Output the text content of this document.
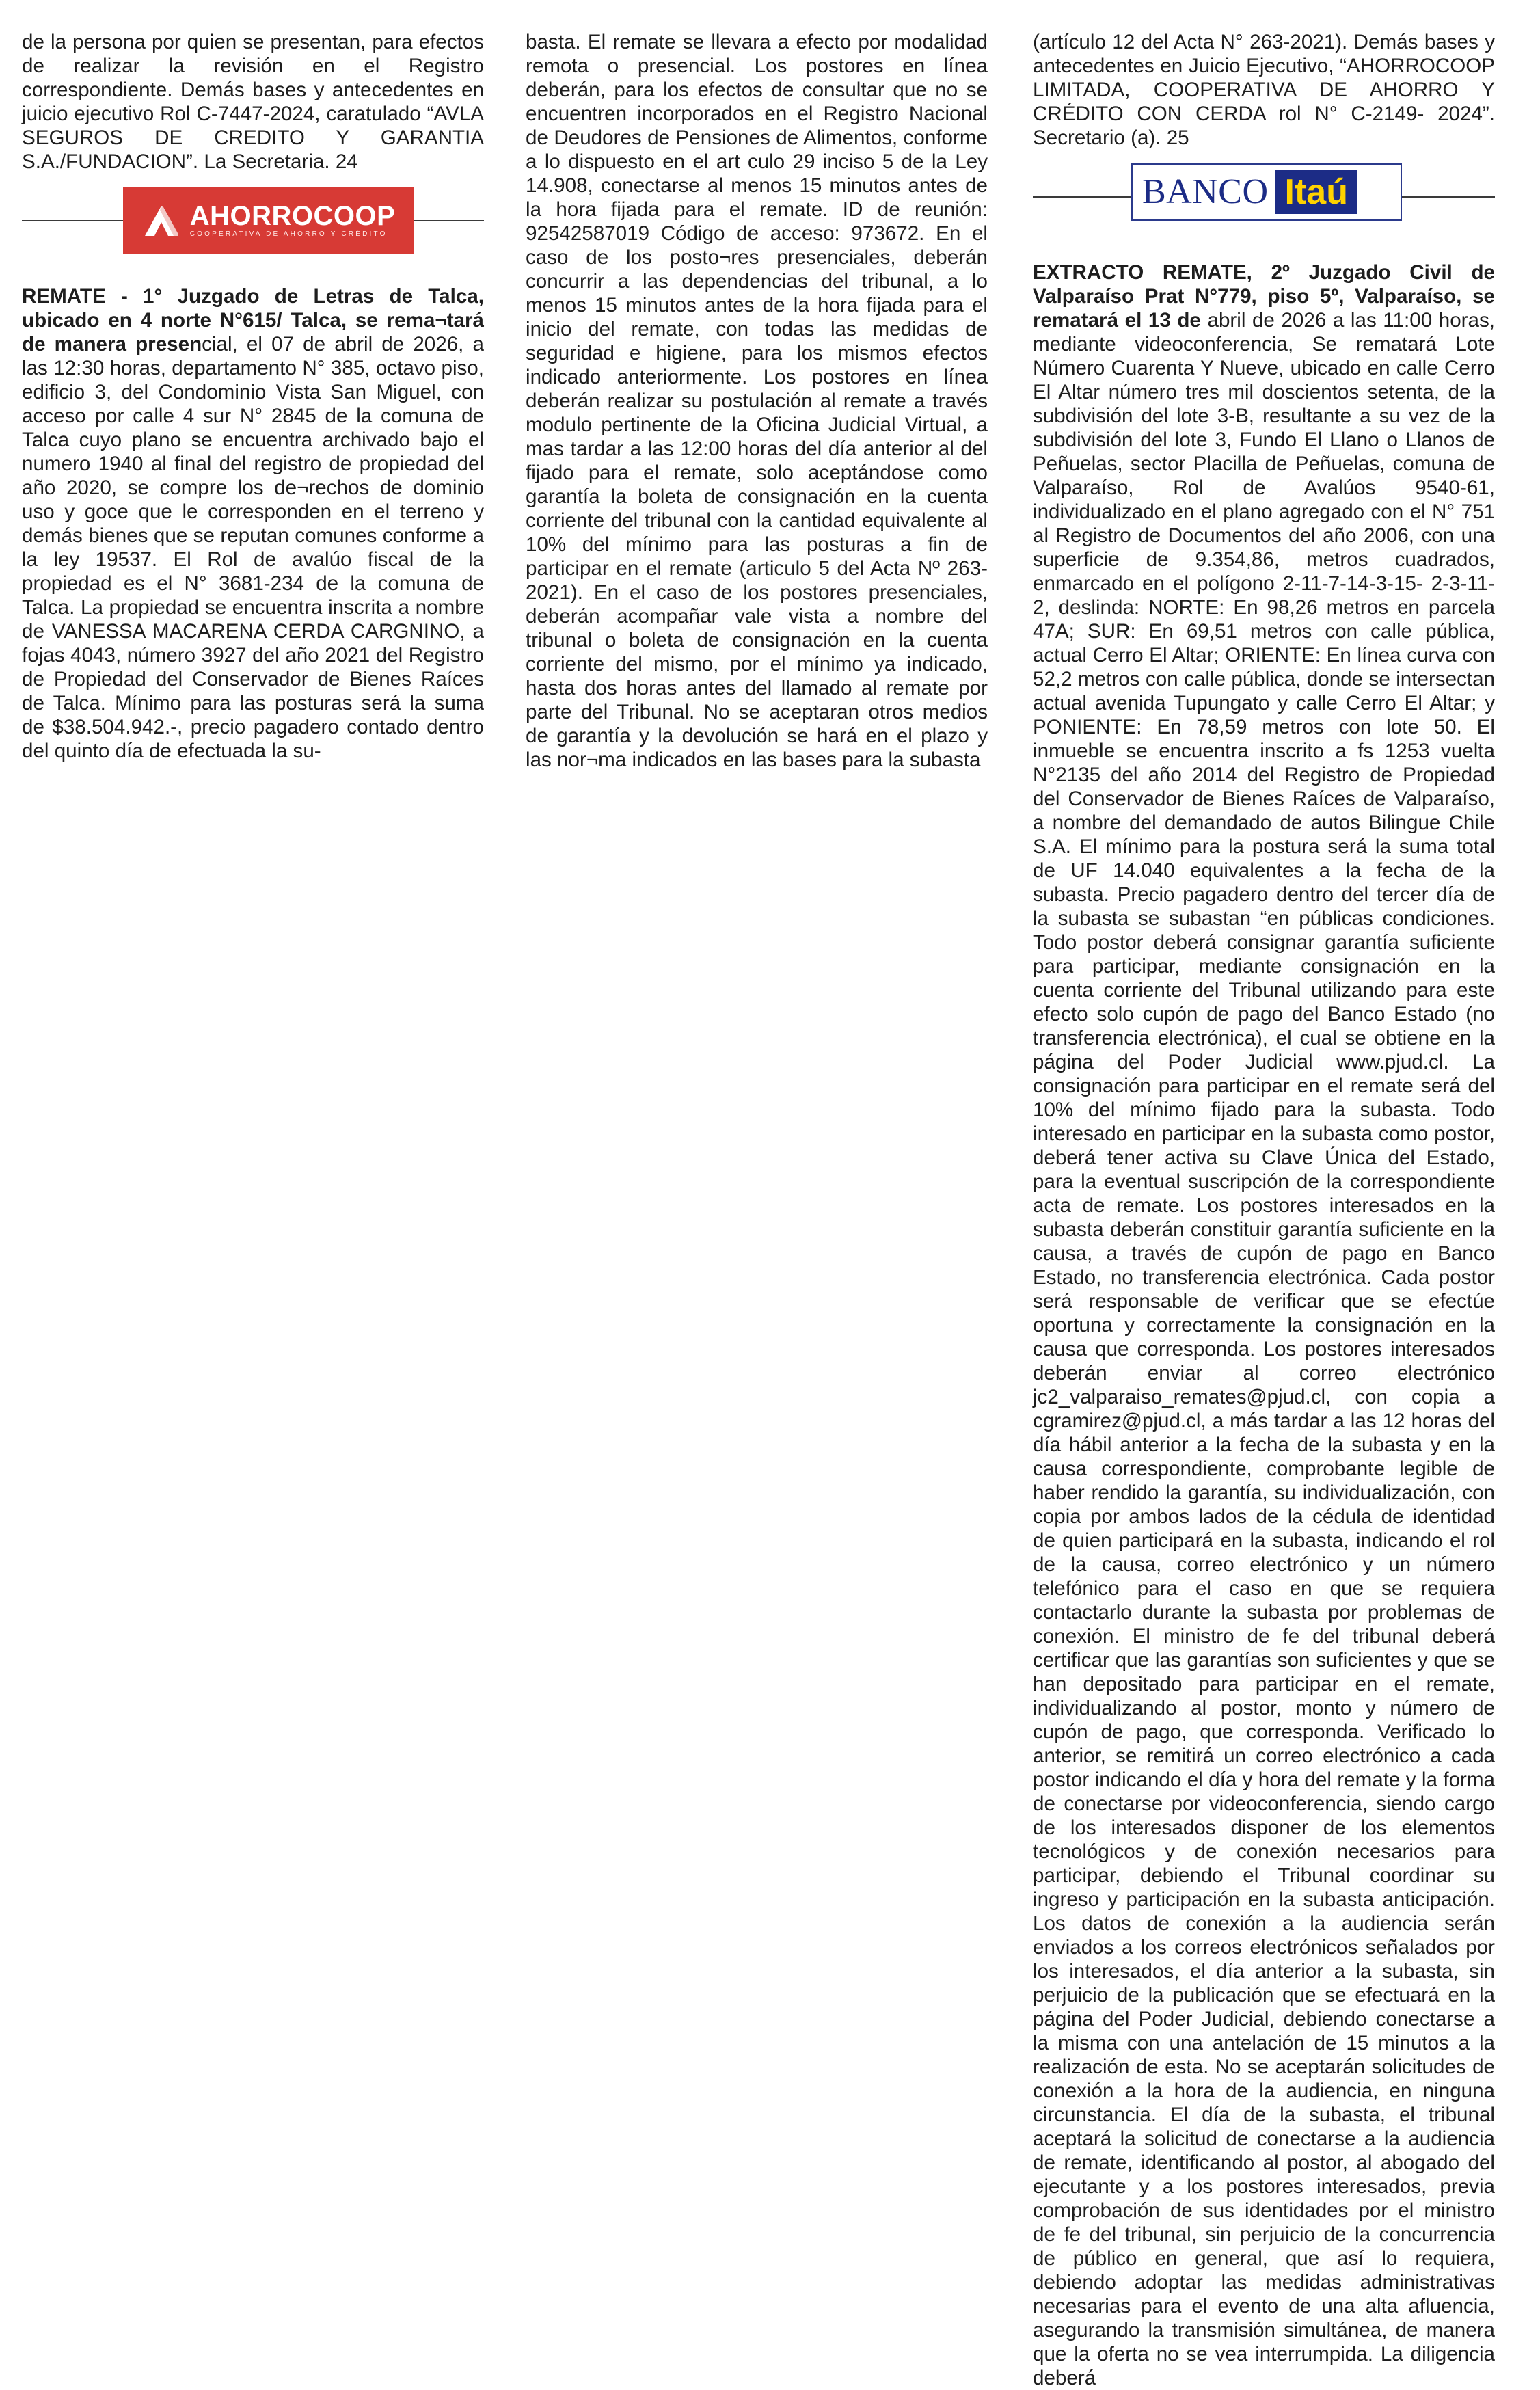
de la persona por quien se presentan, para efectos de realizar la revisión en el Registro correspondiente. Demás bases y antecedentes en juicio ejecutivo Rol C-7447-2024, caratulado “AVLA SEGUROS DE CREDITO Y GARANTIA S.A./FUNDACION”. La Secretaria. 24

AHORROCOOP
COOPERATIVA DE AHORRO Y CRÉDITO

REMATE - 1° Juzgado de Letras de Talca, ubicado en 4 norte N°615/ Talca, se rema¬tará de manera presencial, el 07 de abril de 2026, a las 12:30 horas, departamento N° 385, octavo piso, edificio 3, del Condominio Vista San Miguel, con acceso por calle 4 sur N° 2845 de la comuna de Talca cuyo plano se encuentra archivado bajo el numero 1940 al final del registro de propiedad del año 2020, se compre los de¬rechos de dominio uso y goce que le corresponden en el terreno y demás bienes que se reputan comunes conforme a la ley 19537. El Rol de avalúo fiscal de la propiedad es el N° 3681-234 de la comuna de Talca. La propiedad se encuentra inscrita a nombre de VANESSA MACARENA CERDA CARGNINO, a fojas 4043, número 3927 del año 2021 del Registro de Propiedad del Conservador de Bienes Raíces de Talca. Mínimo para las posturas será la suma de $38.504.942.-, precio pagadero contado dentro del quinto día de efectuada la su-

basta. El remate se llevara a efecto por modalidad remota o presencial. Los postores en línea deberán, para los efectos de consultar que no se encuentren incorporados en el Registro Nacional de Deudores de Pensiones de Alimentos, conforme a lo dispuesto en el art culo 29 inciso 5 de la Ley 14.908, conectarse al menos 15 minutos antes de la hora fijada para el remate. ID de reunión: 92542587019 Código de acceso: 973672. En el caso de los posto¬res presenciales, deberán concurrir a las dependencias del tribunal, a lo menos 15 minutos antes de la hora fijada para el inicio del remate, con todas las medidas de seguridad e higiene, para los mismos efectos indicado anteriormente. Los postores en línea deberán realizar su postulación al remate a través modulo pertinente de la Oficina Judicial Virtual, a mas tardar a las 12:00 horas del día anterior al del fijado para el remate, solo aceptándose como garantía la boleta de consignación en la cuenta corriente del tribunal con la cantidad equivalente al 10% del mínimo para las posturas a fin de participar en el remate (articulo 5 del Acta Nº 263- 2021). En el caso de los postores presenciales, deberán acompañar vale vista a nombre del tribunal o boleta de consignación en la cuenta corriente del mismo, por el mínimo ya indicado, hasta dos horas antes del llamado al remate por parte del Tribunal. No se aceptaran otros medios de garantía y la devolución se hará en el plazo y las nor¬ma indicados en las bases para la subasta

(artículo 12 del Acta N° 263-2021). Demás bases y antecedentes en Juicio Ejecutivo, “AHORROCOOP LIMITADA, COOPERATIVA DE AHORRO Y CRÉDITO CON CERDA rol N° C-2149- 2024”. Secretario (a). 25

BANCO Itaú

EXTRACTO REMATE, 2º Juzgado Civil de Valparaíso Prat N°779, piso 5º, Valparaíso, se rematará el 13 de abril de 2026 a las 11:00 horas, mediante videoconferencia, Se rematará Lote Número Cuarenta Y Nueve, ubicado en calle Cerro El Altar número tres mil doscientos setenta, de la subdivisión del lote 3-B, resultante a su vez de la subdivisión del lote 3, Fundo El Llano o Llanos de Peñuelas, sector Placilla de Peñuelas, comuna de Valparaíso, Rol de Avalúos 9540-61, individualizado en el plano agregado con el N° 751 al Registro de Documentos del año 2006, con una superficie de 9.354,86, metros cuadrados, enmarcado en el polígono 2-11-7-14-3-15- 2-3-11-2, deslinda: NORTE: En 98,26 metros en parcela 47A; SUR: En 69,51 metros con calle pública, actual Cerro El Altar; ORIENTE: En línea curva con 52,2 metros con calle pública, donde se intersectan actual avenida Tupungato y calle Cerro El Altar; y PONIENTE: En 78,59 metros con lote 50. El inmueble se encuentra inscrito a fs 1253 vuelta N°2135 del año 2014 del Registro de Propiedad del Conservador de Bienes Raíces de Valparaíso, a nombre del demandado de autos Bilingue Chile S.A. El mínimo para la postura será la suma total de UF 14.040 equivalentes a la fecha de la subasta. Precio pagadero dentro del tercer día de la subasta se subastan “en públicas condiciones. Todo postor deberá consignar garantía suficiente para participar, mediante consignación en la cuenta corriente del Tribunal utilizando para este efecto solo cupón de pago del Banco Estado (no transferencia electrónica), el cual se obtiene en la página del Poder Judicial www.pjud.cl. La consignación para participar en el remate será del 10% del mínimo fijado para la subasta. Todo interesado en participar en la subasta como postor, deberá tener activa su Clave Única del Estado, para la eventual suscripción de la correspondiente acta de remate. Los postores interesados en la subasta deberán constituir garantía suficiente en la causa, a través de cupón de pago en Banco Estado, no transferencia electrónica. Cada postor será responsable de verificar que se efectúe oportuna y correctamente la consignación en la causa que corresponda. Los postores interesados deberán enviar al correo electrónico jc2_valparaiso_remates@pjud.cl, con copia a cgramirez@pjud.cl, a más tardar a las 12 horas del día hábil anterior a la fecha de la subasta y en la causa correspondiente, comprobante legible de haber rendido la garantía, su individualización, con copia por ambos lados de la cédula de identidad de quien participará en la subasta, indicando el rol de la causa, correo electrónico y un número telefónico para el caso en que se requiera contactarlo durante la subasta por problemas de conexión. El ministro de fe del tribunal deberá certificar que las garantías son suficientes y que se han depositado para participar en el remate, individualizando al postor, monto y número de cupón de pago, que corresponda. Verificado lo anterior, se remitirá un correo electrónico a cada postor indicando el día y hora del remate y la forma de conectarse por videoconferencia, siendo cargo de los interesados disponer de los elementos tecnológicos y de conexión necesarios para participar, debiendo el Tribunal coordinar su ingreso y participación en la subasta anticipación. Los datos de conexión a la audiencia serán enviados a los correos electrónicos señalados por los interesados, el día anterior a la subasta, sin perjuicio de la publicación que se efectuará en la página del Poder Judicial, debiendo conectarse a la misma con una antelación de 15 minutos a la realización de esta. No se aceptarán solicitudes de conexión a la hora de la audiencia, en ninguna circunstancia. El día de la subasta, el tribunal aceptará la solicitud de conectarse a la audiencia de remate, identificando al postor, al abogado del ejecutante y a los postores interesados, previa comprobación de sus identidades por el ministro de fe del tribunal, sin perjuicio de la concurrencia de público en general, que así lo requiera, debiendo adoptar las medidas administrativas necesarias para el evento de una alta afluencia, asegurando la transmisión simultánea, de manera que la oferta no se vea interrumpida. La diligencia deberá
